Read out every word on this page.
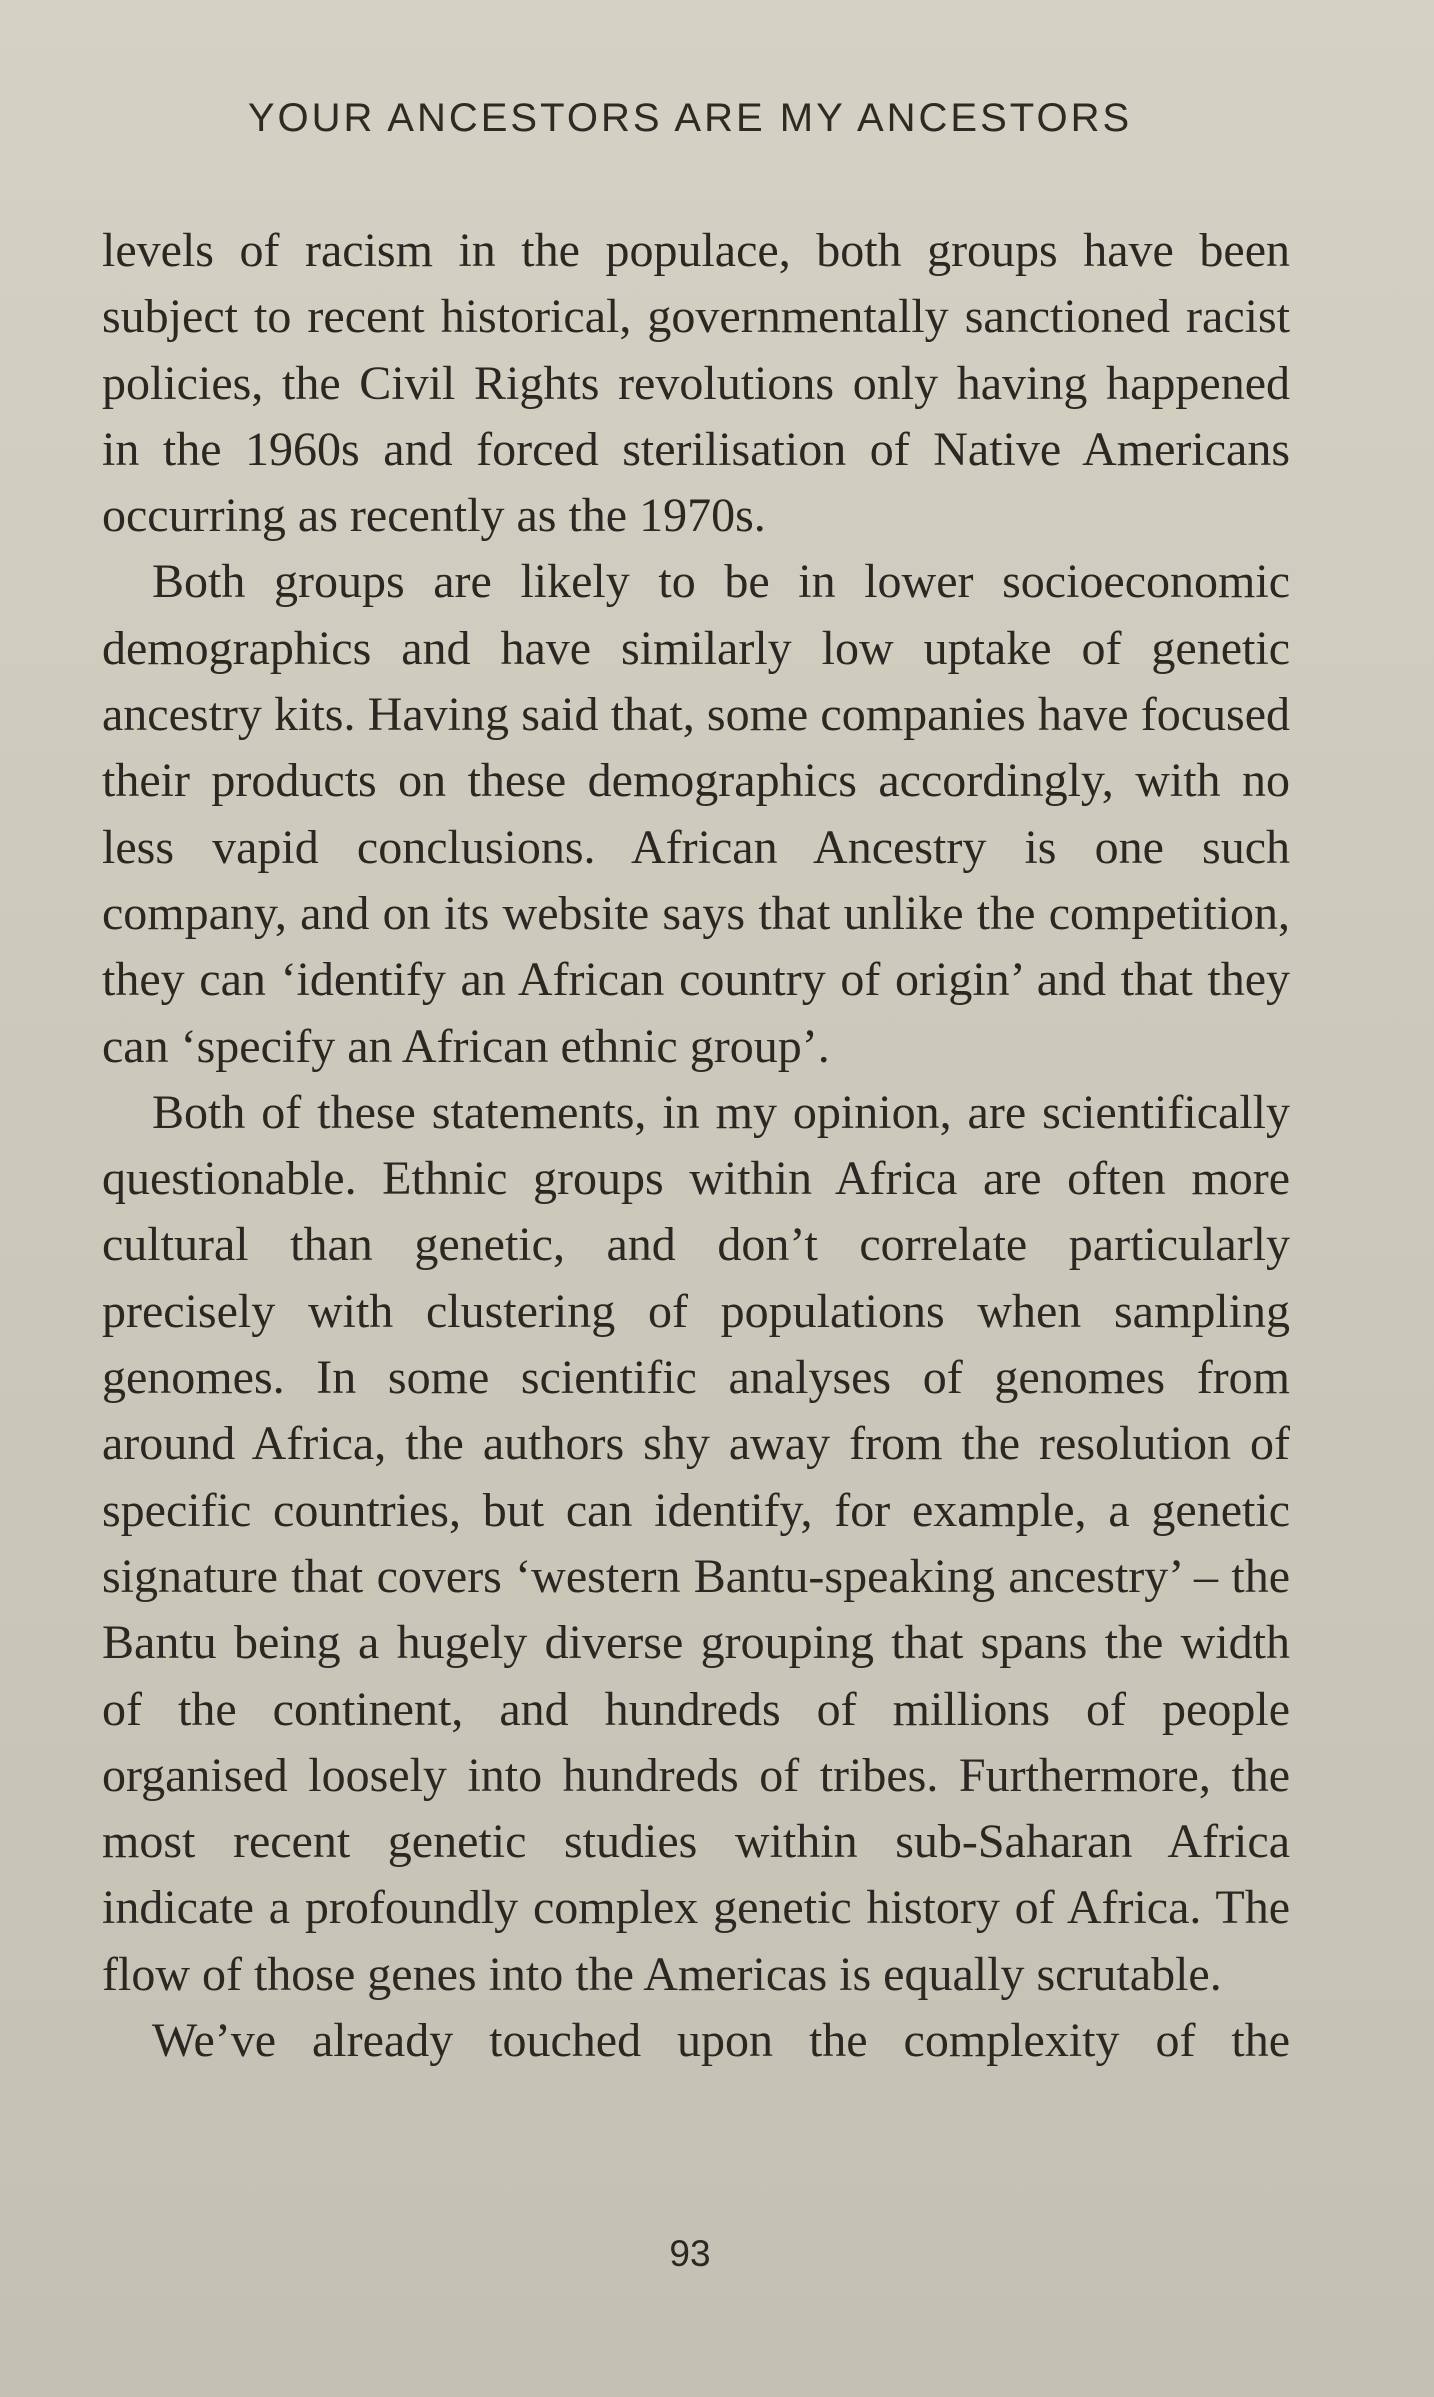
YOUR ANCESTORS ARE MY ANCESTORS

levels of racism in the populace, both groups have been subject to recent historical, governmentally sanctioned racist policies, the Civil Rights revolutions only having happened in the 1960s and forced sterilisation of Native Americans occurring as recently as the 1970s.

Both groups are likely to be in lower socioeconomic demographics and have similarly low uptake of genetic ancestry kits. Having said that, some companies have focused their products on these demographics accordingly, with no less vapid conclusions. African Ancestry is one such company, and on its website says that unlike the competition, they can ‘identify an African country of origin’ and that they can ‘specify an African ethnic group’.

Both of these statements, in my opinion, are scientifically questionable. Ethnic groups within Africa are often more cultural than genetic, and don’t correlate particularly precisely with clustering of populations when sampling genomes. In some scientific analyses of genomes from around Africa, the authors shy away from the resolution of specific countries, but can identify, for example, a genetic signature that covers ‘western Bantu-speaking ancestry’ – the Bantu being a hugely diverse grouping that spans the width of the continent, and hundreds of millions of people organised loosely into hundreds of tribes. Furthermore, the most recent genetic studies within sub-Saharan Africa indicate a profoundly complex genetic history of Africa. The flow of those genes into the Americas is equally scrutable.

We’ve already touched upon the complexity of the

93
